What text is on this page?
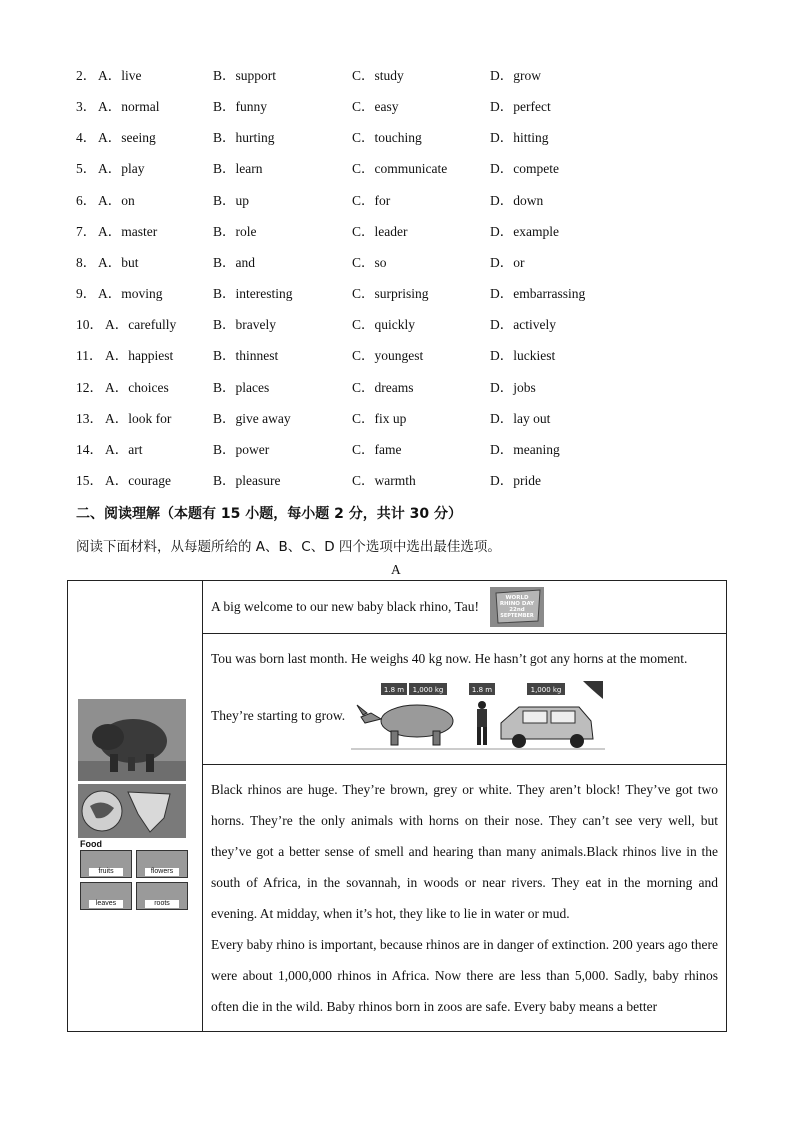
2． A．live	B．support	C．study	D．grow
3． A．normal	B．funny	C．easy	D．perfect
4． A．seeing	B．hurting	C．touching	D．hitting
5． A．play	B．learn	C．communicate	D．compete
6． A．on	B．up	C．for	D．down
7． A．master	B．role	C．leader	D．example
8． A．but	B．and	C．so	D．or
9． A．moving	B．interesting	C．surprising	D．embarrassing
10． A．carefully	B．bravely	C．quickly	D．actively
11． A．happiest	B．thinnest	C．youngest	D．luckiest
12． A．choices	B．places	C．dreams	D．jobs
13． A．look for	B．give away	C．fix up	D．lay out
14． A．art	B．power	C．fame	D．meaning
15． A．courage	B．pleasure	C．warmth	D．pride
二、阅读理解（本题有 15 小题，每小题 2 分，共计 30 分）
阅读下面材料，从每题所给的 A、B、C、D 四个选项中选出最佳选项。
A
Food
fruits	flowers
leaves	roots
A big welcome to our new baby black rhino, Tau!
WORLD
RHINO DAY
22nd
SEPTEMBER
Tou was born last month. He weighs 40 kg now. He hasn’t got any horns at the moment.
They’re starting to grow.
1.8 m 1,000 kg	1.8 m	1,000 kg
Black rhinos are huge. They’re brown, grey or white. They aren’t block! They’ve got two horns. They’re the only animals with horns on their nose. They can’t see very well, but they’ve got a better sense of smell and hearing than many animals.Black rhinos live in the south of Africa, in the sovannah, in woods or near rivers. They eat in the morning and evening. At midday, when it’s hot, they like to lie in water or mud.
Every baby rhino is important, because rhinos are in danger of extinction. 200 years ago there were about 1,000,000 rhinos in Africa. Now there are less than 5,000. Sadly, baby rhinos often die in the wild. Baby rhinos born in zoos are safe. Every baby means a better
